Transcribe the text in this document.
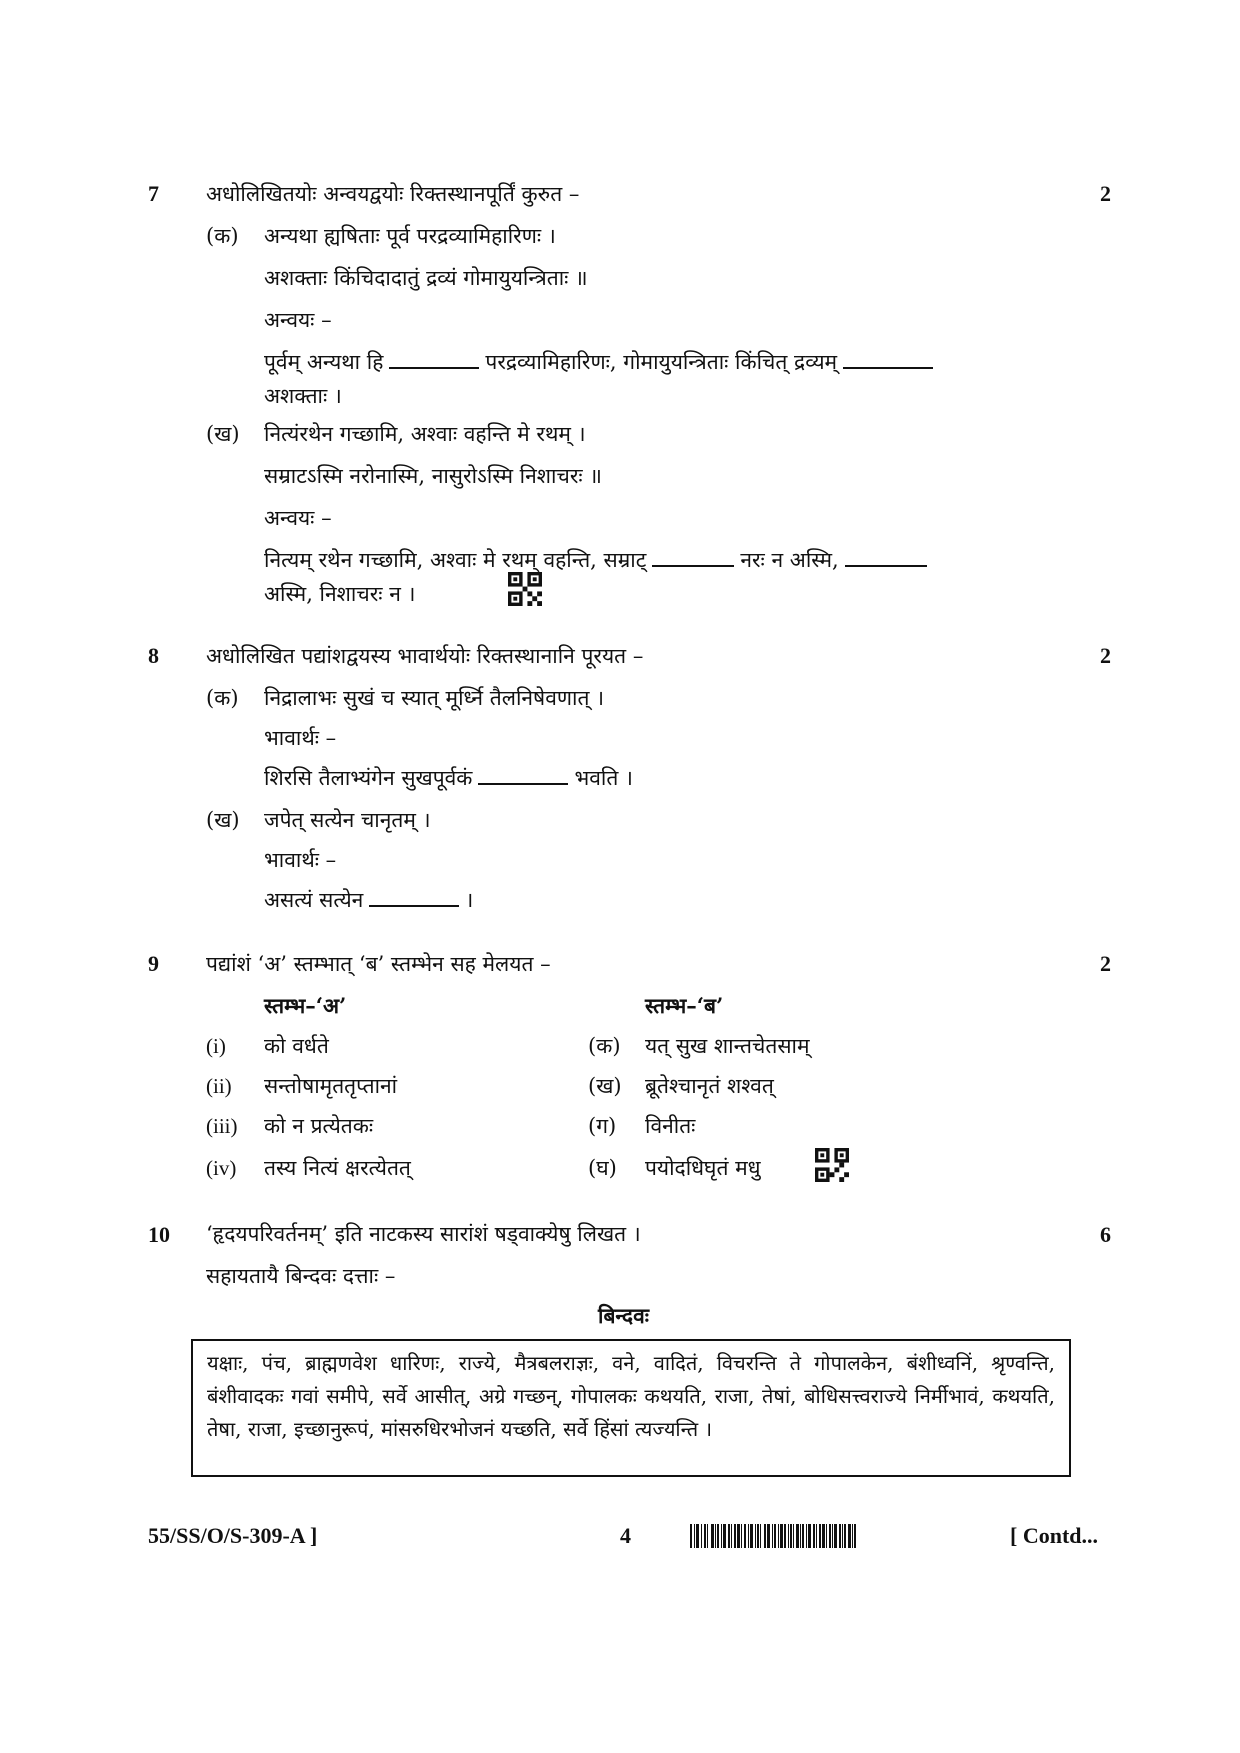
7 अधोलिखितयोः अन्वयद्वयोः रिक्तस्थानपूर्तिं कुरुत –	2
(क) अन्यथा ह्यषिताः पूर्व परद्रव्यामिहारिणः ।
अशक्ताः किंचिदादातुं द्रव्यं गोमायुयन्त्रिताः ॥
अन्वयः –
पूर्वम् अन्यथा हि	परद्रव्यामिहारिणः, गोमायुयन्त्रिताः किंचित् द्रव्यम्
अशक्ताः ।
(ख) नित्यंरथेन गच्छामि, अश्वाः वहन्ति मे रथम् ।
सम्राटऽस्मि नरोनास्मि, नासुरोऽस्मि निशाचरः ॥
अन्वयः –
नित्यम् रथेन गच्छामि, अश्वाः मे रथम् वहन्ति, सम्राट्	नरः न अस्मि,
अस्मि, निशाचरः न ।
8 अधोलिखित पद्यांशद्वयस्य भावार्थयोः रिक्तस्थानानि पूरयत –	2
(क) निद्रालाभः सुखं च स्यात् मूर्ध्नि तैलनिषेवणात् ।
भावार्थः –
शिरसि तैलाभ्यंगेन सुखपूर्वकं	भवति ।
(ख) जपेत् सत्येन चानृतम् ।
भावार्थः –
असत्यं सत्येन	।
9 पद्यांशं ‘अ’ स्तम्भात् ‘ब’ स्तम्भेन सह मेलयत –	2
स्तम्भ–‘अ’	स्तम्भ–‘ब’
(i) को वर्धते	(क) यत् सुख शान्तचेतसाम्
(ii) सन्तोषामृततृप्तानां	(ख) ब्रूतेश्चानृतं शश्वत्
(iii) को न प्रत्येतकः	(ग) विनीतः
(iv) तस्य नित्यं क्षरत्येतत्	(घ) पयोदधिघृतं मधु
10 ‘हृदयपरिवर्तनम्’ इति नाटकस्य सारांशं षड्वाक्येषु लिखत ।	6
सहायतायै बिन्दवः दत्ताः –
बिन्दवः
यक्षाः, पंच, ब्राह्मणवेश धारिणः, राज्ये, मैत्रबलराज्ञः, वने, वादितं, विचरन्ति ते गोपालकेन, बंशीध्वनिं, श्रृण्वन्ति, बंशीवादकः गवां समीपे, सर्वे आसीत्, अग्रे गच्छन्, गोपालकः कथयति, राजा, तेषां, बोधिसत्त्वराज्ये निर्मीभावं, कथयति, तेषा, राजा, इच्छानुरूपं, मांसरुधिरभोजनं यच्छति, सर्वे हिंसां त्यज्यन्ति ।
55/SS/O/S-309-A ]	4	[ Contd...
